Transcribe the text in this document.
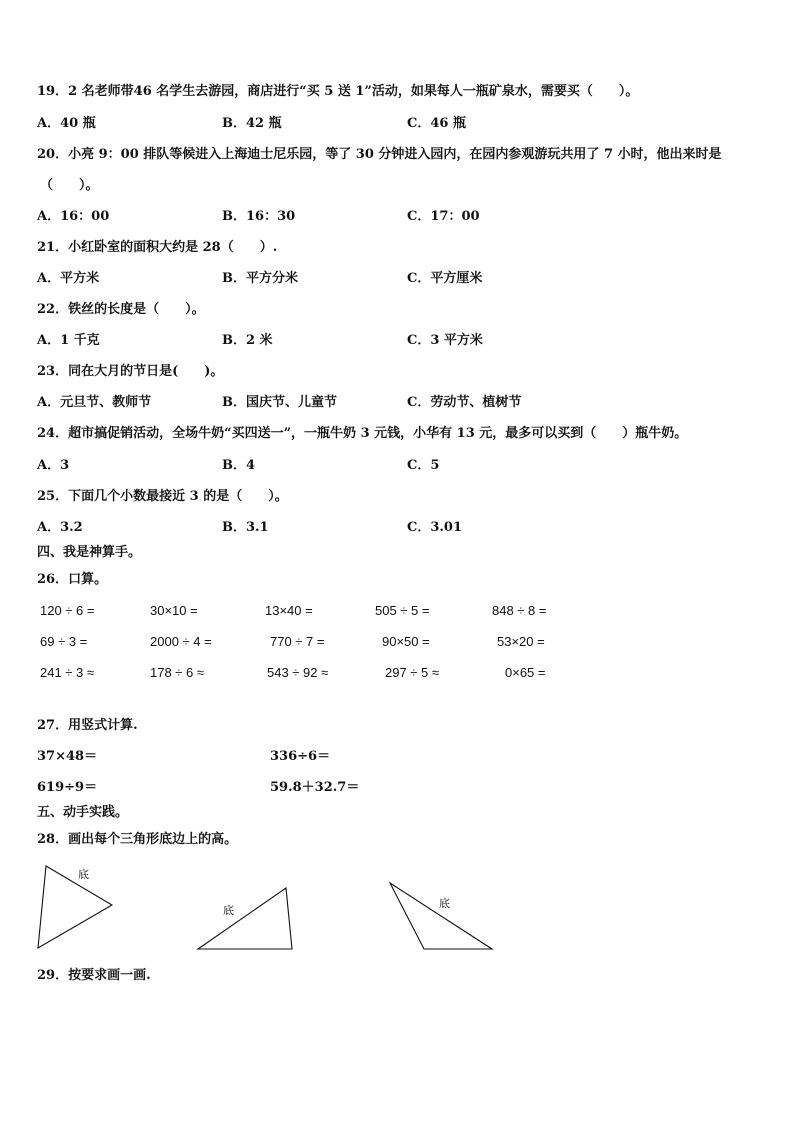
19．2 名老师带46 名学生去游园，商店进行“买 5 送 1”活动，如果每人一瓶矿泉水，需要买（　　）。
A．40 瓶	B．42 瓶	C．46 瓶
20．小亮 9：00 排队等候进入上海迪士尼乐园，等了 30 分钟进入园内，在园内参观游玩共用了 7 小时，他出来时是
（　　）。
A．16：00	B．16：30	C．17：00
21．小红卧室的面积大约是 28（　　）.
A．平方米	B．平方分米	C．平方厘米
22．铁丝的长度是（　　）。
A．1 千克	B．2 米	C．3 平方米
23．同在大月的节日是(　　)。
A．元旦节、教师节	B．国庆节、儿童节	C．劳动节、植树节
24．超市搞促销活动，全场牛奶“买四送一”，一瓶牛奶 3 元钱，小华有 13 元，最多可以买到（　　）瓶牛奶。
A．3	B．4	C．5
25．下面几个小数最接近 3 的是（　　）。
A．3.2	B．3.1	C．3.01
四、我是神算手。
26．口算。
120 ÷ 6 =	30×10 =	13×40 =	505 ÷ 5 =	848 ÷ 8 =
69 ÷ 3 =	2000 ÷ 4 =	770 ÷ 7 =	90×50 =	53×20 =
241 ÷ 3 ≈	178 ÷ 6 ≈	543 ÷ 92 ≈	297 ÷ 5 ≈	0×65 =
27．用竖式计算.
37×48＝	336÷6＝
619÷9＝	59.8＋32.7＝
五、动手实践。
28．画出每个三角形底边上的高。
底
底
底
29．按要求画一画.
